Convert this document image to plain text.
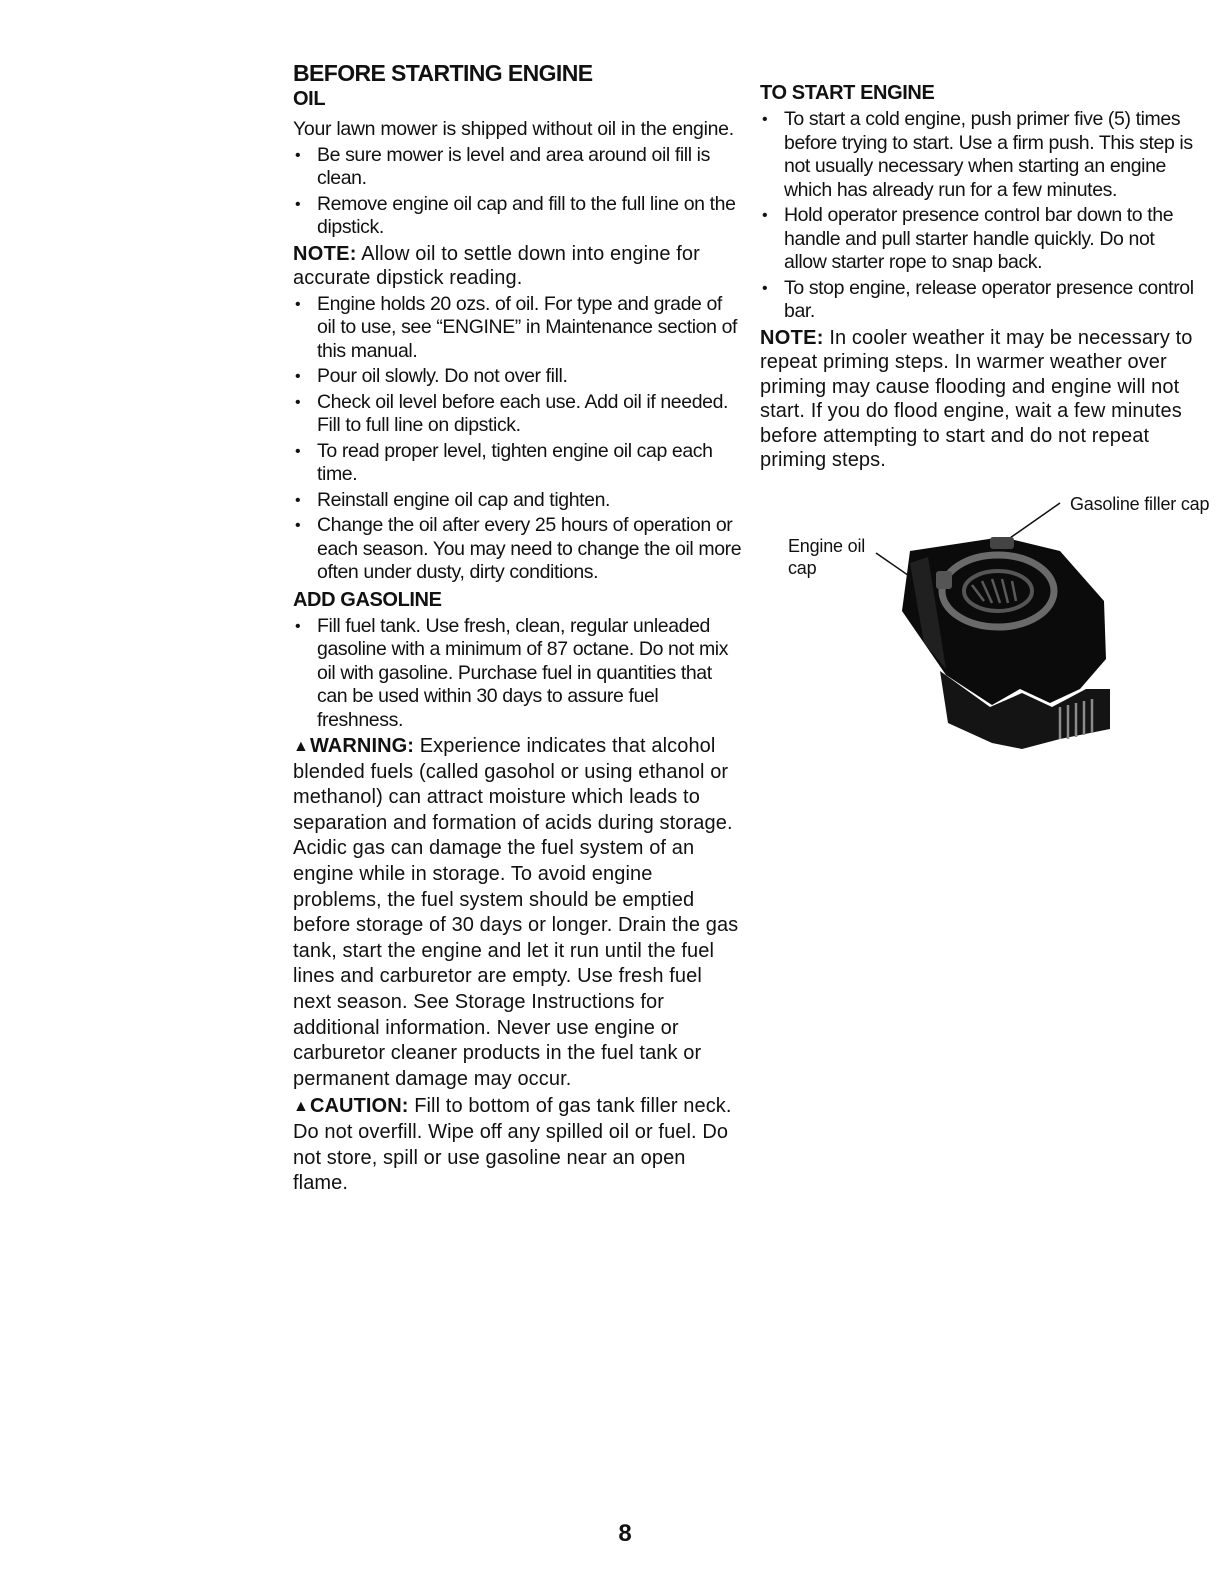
BEFORE STARTING ENGINE
OIL

Your lawn mower is shipped without oil in the engine.

• Be sure mower is level and area around oil fill is clean.
• Remove engine oil cap and fill to the full line on the dipstick.

NOTE: Allow oil to settle down into engine for accurate dipstick reading.

• Engine holds 20 ozs. of oil. For type and grade of oil to use, see “ENGINE” in Maintenance section of this manual.
• Pour oil slowly. Do not over fill.
• Check oil level before each use. Add oil if needed. Fill to full line on dipstick.
• To read proper level, tighten engine oil cap each time.
• Reinstall engine oil cap and tighten.
• Change the oil after every 25 hours of operation or each season. You may need to change the oil more often under dusty, dirty conditions.
ADD GASOLINE
• Fill fuel tank. Use fresh, clean, regular unleaded gasoline with a minimum of 87 octane. Do not mix oil with gasoline. Purchase fuel in quantities that can be used within 30 days to assure fuel freshness.

▲WARNING: Experience indicates that alcohol blended fuels (called gasohol or using ethanol or methanol) can attract moisture which leads to separation and formation of acids during storage. Acidic gas can damage the fuel system of an engine while in storage. To avoid engine problems, the fuel system should be emptied before storage of 30 days or longer. Drain the gas tank, start the engine and let it run until the fuel lines and carburetor are empty. Use fresh fuel next season. See Storage Instructions for additional information. Never use engine or carburetor cleaner products in the fuel tank or permanent damage may occur.

▲CAUTION: Fill to bottom of gas tank filler neck. Do not overfill. Wipe off any spilled oil or fuel. Do not store, spill or use gasoline near an open flame.

TO START ENGINE
• To start a cold engine, push primer five (5) times before trying to start. Use a firm push. This step is not usually necessary when starting an engine which has already run for a few minutes.
• Hold operator presence control bar down to the handle and pull starter handle quickly. Do not allow starter rope to snap back.
• To stop engine, release operator presence control bar.

NOTE: In cooler weather it may be necessary to repeat priming steps. In warmer weather over priming may cause flooding and engine will not start. If you do flood engine, wait a few minutes before attempting to start and do not repeat priming steps.

Gasoline filler cap
Engine oil cap
8
